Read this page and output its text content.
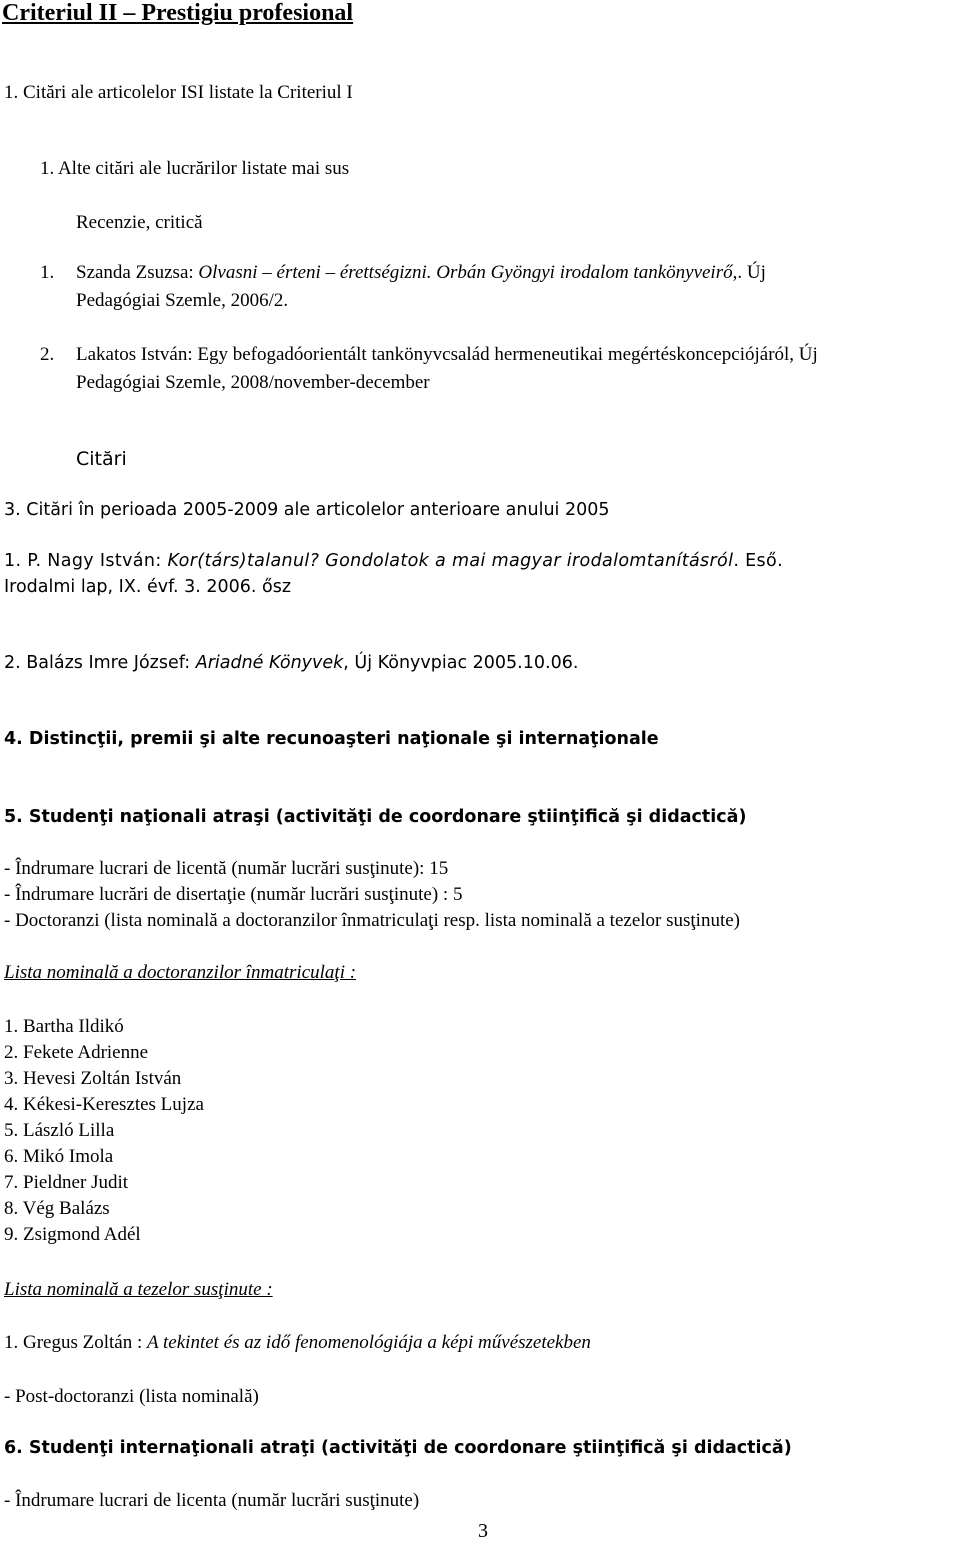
Criteriul II – Prestigiu profesional
1. Citări ale articolelor ISI listate la Criteriul I
1. Alte citări ale lucrărilor listate mai sus
Recenzie, critică
1. Szanda Zsuzsa: Olvasni – érteni – érettségizni. Orbán Gyöngyi irodalom tankönyveirő,. Új
Pedagógiai Szemle, 2006/2.
2. Lakatos István: Egy befogadóorientált tankönyvcsalád hermeneutikai megértéskoncepciójáról, Új
Pedagógiai Szemle, 2008/november-december
Citări
3. Citări în perioada 2005-2009 ale articolelor anterioare anului 2005
1. P. Nagy István: Kor(társ)talanul? Gondolatok a mai magyar irodalomtanításról. Eső.
Irodalmi lap, IX. évf. 3. 2006. ősz
2. Balázs Imre József: Ariadné Könyvek, Új Könyvpiac 2005.10.06.
4. Distincţii, premii şi alte recunoaşteri naţionale şi internaţionale
5. Studenţi naţionali atraşi (activităţi de coordonare ştiinţifică şi didactică)
- Îndrumare lucrari de licentă (număr lucrări susţinute): 15
- Îndrumare lucrări de disertaţie (număr lucrări susţinute) : 5
- Doctoranzi (lista nominală a doctoranzilor înmatriculaţi resp. lista nominală a tezelor susţinute)
Lista nominală a doctoranzilor înmatriculaţi :
1. Bartha Ildikó
2. Fekete Adrienne
3. Hevesi Zoltán István
4. Kékesi-Keresztes Lujza
5. László Lilla
6. Mikó Imola
7. Pieldner Judit
8. Vég Balázs
9. Zsigmond Adél
Lista nominală a tezelor susţinute :
1. Gregus Zoltán : A tekintet és az idő fenomenológiája a képi művészetekben
- Post-doctoranzi (lista nominală)
6. Studenţi internaţionali atraţi (activităţi de coordonare ştiinţifică şi didactică)
- Îndrumare lucrari de licenta (număr lucrări susţinute)
3
